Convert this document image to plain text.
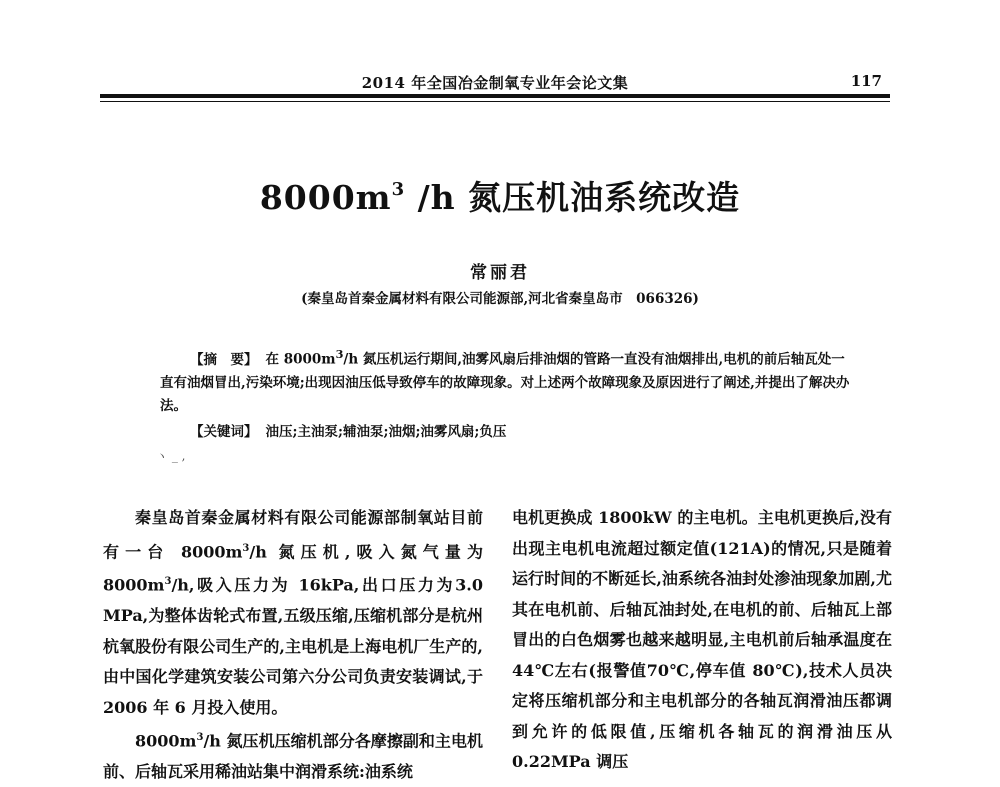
2014 年全国冶金制氧专业年会论文集	117
$8000m^3$ /h 氮压机油系统改造
常丽君
(秦皇岛首秦金属材料有限公司能源部,河北省秦皇岛市　066326)
【摘　要】 在 $8000m^3/h$ 氮压机运行期间,油雾风扇后排油烟的管路一直没有油烟排出,电机的前后轴瓦处一直有油烟冒出,污染环境;出现因油压低导致停车的故障现象。对上述两个故障现象及原因进行了阐述,并提出了解决办法。
【关键词】 油压;主油泵;辅油泵;油烟;油雾风扇;负压
ヽ _ ,

秦皇岛首秦金属材料有限公司能源部制氧站目前有一台 $8000m^3/h$ 氮压机,吸入氮气量为$8000m^3/h$,吸入压力为 16kPa,出口压力为3.0 MPa,为整体齿轮式布置,五级压缩,压缩机部分是杭州杭氧股份有限公司生产的,主电机是上海电机厂生产的,由中国化学建筑安装公司第六分公司负责安装调试,于 2006 年 6 月投入使用。

$8000m^3/h$ 氮压机压缩机部分各摩擦副和主电机前、后轴瓦采用稀油站集中润滑系统:油系统

电机更换成 1800kW 的主电机。主电机更换后,没有出现主电机电流超过额定值(121A)的情况,只是随着运行时间的不断延长,油系统各油封处渗油现象加剧,尤其在电机前、后轴瓦油封处,在电机的前、后轴瓦上部冒出的白色烟雾也越来越明显,主电机前后轴承温度在 44℃左右(报警值70℃,停车值 80℃),技术人员决定将压缩机部分和主电机部分的各轴瓦润滑油压都调到允许的低限值,压缩机各轴瓦的润滑油压从0.22MPa 调压
